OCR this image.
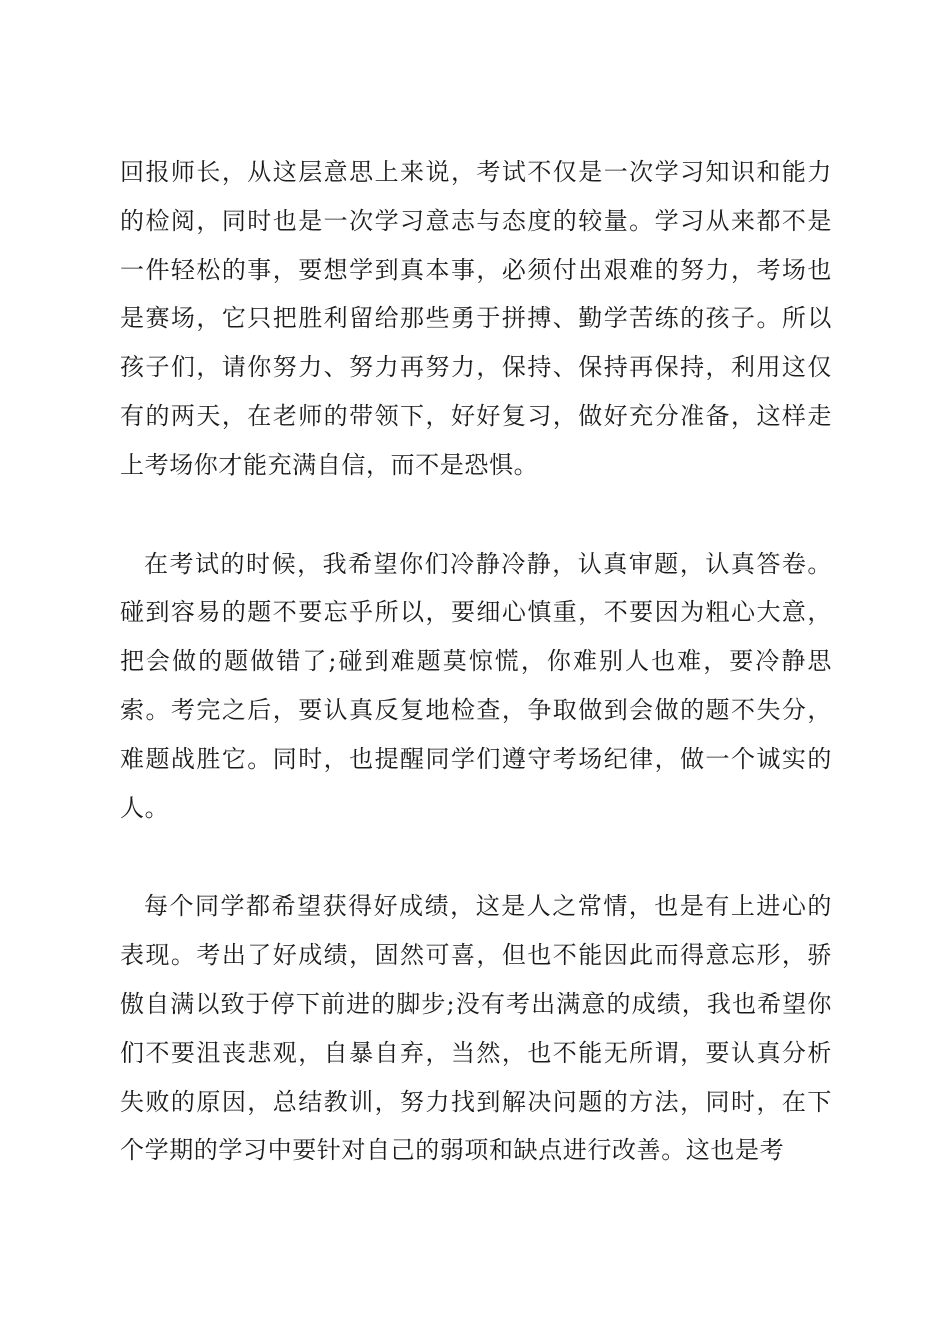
回报师长，从这层意思上来说，考试不仅是一次学习知识和能力的检阅，同时也是一次学习意志与态度的较量。学习从来都不是一件轻松的事，要想学到真本事，必须付出艰难的努力，考场也是赛场，它只把胜利留给那些勇于拼搏、勤学苦练的孩子。所以孩子们，请你努力、努力再努力，保持、保持再保持，利用这仅有的两天，在老师的带领下，好好复习，做好充分准备，这样走上考场你才能充满自信，而不是恐惧。

在考试的时候，我希望你们冷静冷静，认真审题，认真答卷。碰到容易的题不要忘乎所以，要细心慎重，不要因为粗心大意，把会做的题做错了;碰到难题莫惊慌，你难别人也难，要冷静思索。考完之后，要认真反复地检查，争取做到会做的题不失分，难题战胜它。同时，也提醒同学们遵守考场纪律，做一个诚实的人。

每个同学都希望获得好成绩，这是人之常情，也是有上进心的表现。考出了好成绩，固然可喜，但也不能因此而得意忘形，骄傲自满以致于停下前进的脚步;没有考出满意的成绩，我也希望你们不要沮丧悲观，自暴自弃，当然，也不能无所谓，要认真分析失败的原因，总结教训，努力找到解决问题的方法，同时，在下个学期的学习中要针对自己的弱项和缺点进行改善。这也是考
